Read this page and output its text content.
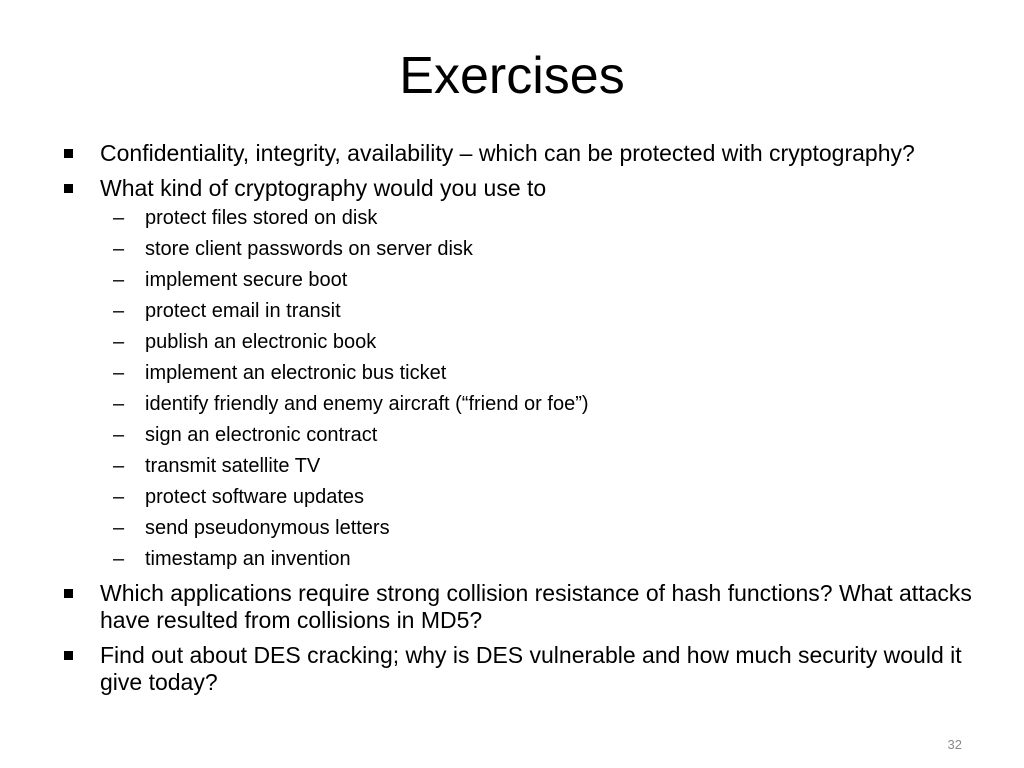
Exercises
Confidentiality, integrity, availability – which can be protected with cryptography?
What kind of cryptography would you use to
– protect files stored on disk
– store client passwords on server disk
– implement secure boot
– protect email in transit
– publish an electronic book
– implement an electronic bus ticket
– identify friendly and enemy aircraft (“friend or foe”)
– sign an electronic contract
– transmit satellite TV
– protect software updates
– send pseudonymous letters
– timestamp an invention
Which applications require strong collision resistance of hash functions? What attacks have resulted from collisions in MD5?
Find out about DES cracking; why is DES vulnerable and how much security would it give today?
32
